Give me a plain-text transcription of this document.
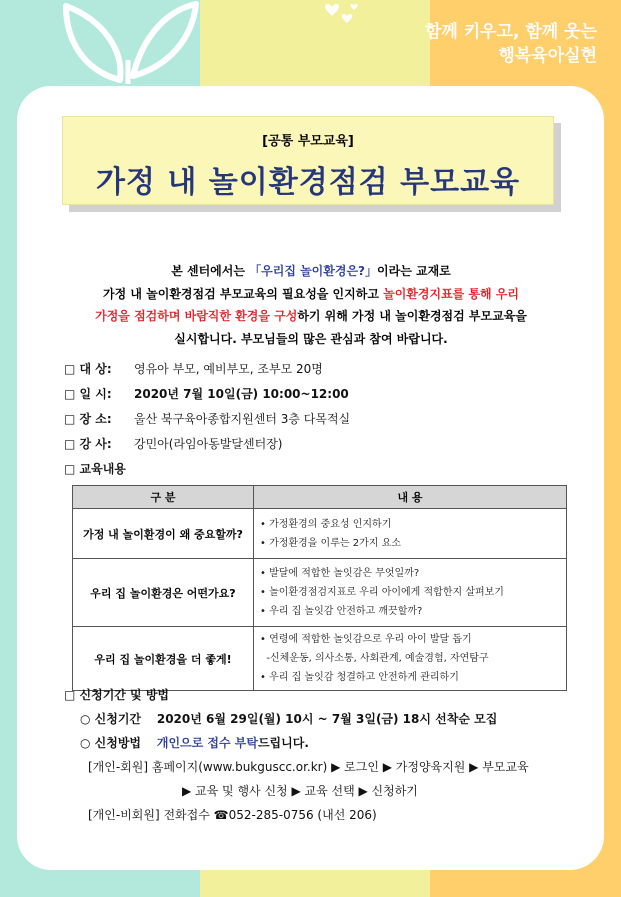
함께 키우고, 함께 웃는
행복육아실현
[공통 부모교육]
가정 내 놀이환경점검 부모교육
본 센터에서는 「우리집 놀이환경은?」이라는 교재로
가정 내 놀이환경점검 부모교육의 필요성을 인지하고 놀이환경지표를 통해 우리
가정을 점검하며 바람직한 환경을 구성하기 위해 가정 내 놀이환경점검 부모교육을
실시합니다. 부모님들의 많은 관심과 참여 바랍니다.
□ 대 상: 영유아 부모, 예비부모, 조부모 20명
□ 일 시: 2020년 7월 10일(금) 10:00~12:00
□ 장 소: 울산 북구육아종합지원센터 3층 다목적실
□ 강 사: 강민아(라임아동발달센터장)
□ 교육내용
구 분	내 용
가정 내 놀이환경이 왜 중요할까?	• 가정환경의 중요성 인지하기
• 가정환경을 이루는 2가지 요소

우리 집 놀이환경은 어떤가요?	• 발달에 적합한 놀잇감은 무엇일까?
• 놀이환경점검지표로 우리 아이에게 적합한지 살펴보기
• 우리 집 놀잇감 안전하고 깨끗할까?

우리 집 놀이환경을 더 좋게!	• 연령에 적합한 놀잇감으로 우리 아이 발달 돕기
-신체운동, 의사소통, 사회관계, 예술경험, 자연탐구
• 우리 집 놀잇감 청결하고 안전하게 관리하기
□ 신청기간 및 방법
○ 신청기간 2020년 6월 29일(월) 10시 ~ 7월 3일(금) 18시 선착순 모집
○ 신청방법 개인으로 접수 부탁드립니다.
[개인-회원] 홈페이지(www.bukguscc.or.kr) ▶ 로그인 ▶ 가정양육지원 ▶ 부모교육
▶ 교육 및 행사 신청 ▶ 교육 선택 ▶ 신청하기
[개인-비회원] 전화접수 ☎052-285-0756 (내선 206)
